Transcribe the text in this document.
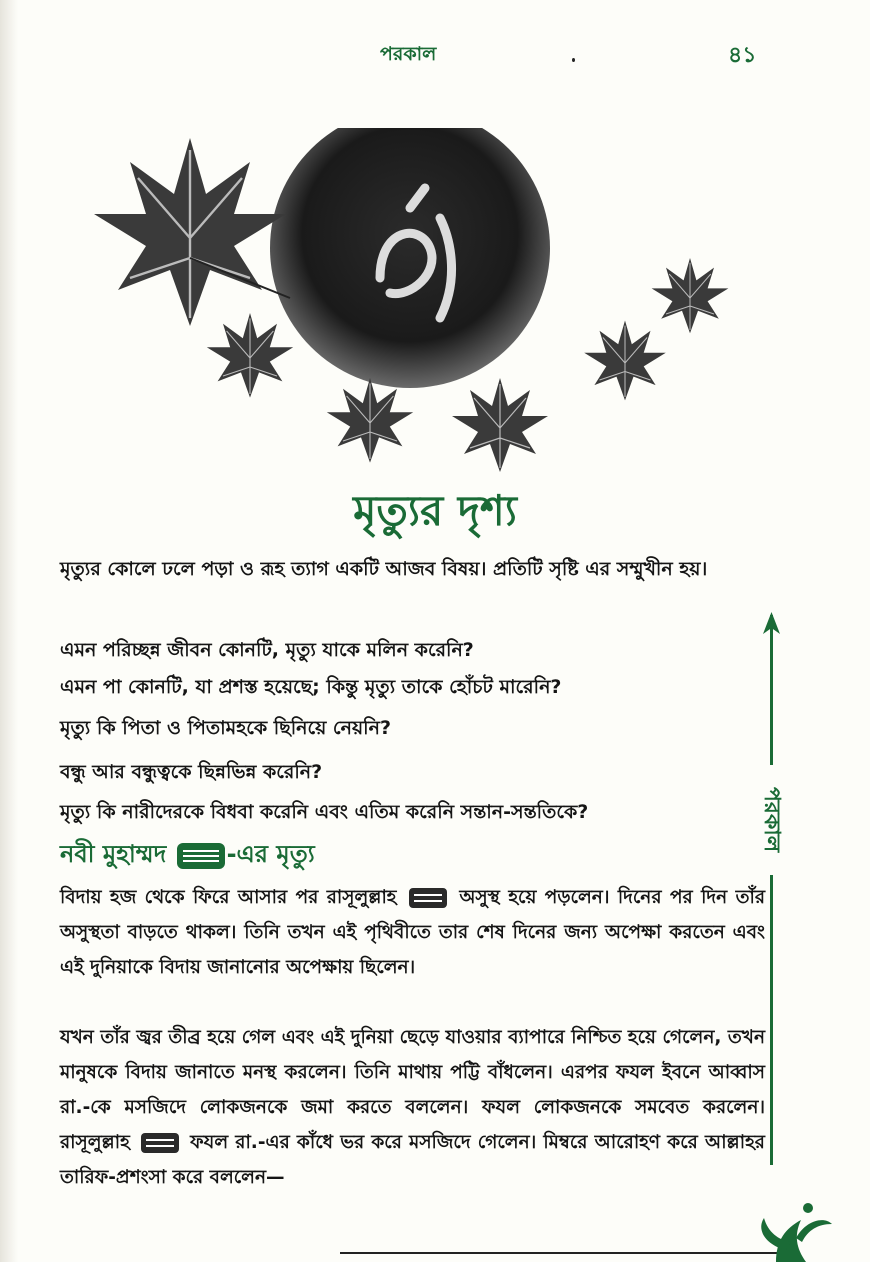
পরকাল	৪১
মৃত্যুর দৃশ্য
মৃত্যুর কোলে ঢলে পড়া ও রূহ ত্যাগ একটি আজব বিষয়। প্রতিটি সৃষ্টি এর সম্মুখীন হয়।
এমন পরিচ্ছন্ন জীবন কোনটি, মৃত্যু যাকে মলিন করেনি?
এমন পা কোনটি, যা প্রশস্ত হয়েছে; কিন্তু মৃত্যু তাকে হোঁচট মারেনি?
মৃত্যু কি পিতা ও পিতামহকে ছিনিয়ে নেয়নি?
বন্ধু আর বন্ধুত্বকে ছিন্নভিন্ন করেনি?
মৃত্যু কি নারীদেরকে বিধবা করেনি এবং এতিম করেনি সন্তান-সন্ততিকে?
নবী মুহাম্মদ	-এর মৃত্যু
বিদায় হজ থেকে ফিরে আসার পর রাসূলুল্লাহ	অসুস্থ হয়ে পড়লেন। দিনের পর দিন তাঁর অসুস্থতা বাড়তে থাকল। তিনি তখন এই পৃথিবীতে তার শেষ দিনের জন্য অপেক্ষা করতেন এবং এই দুনিয়াকে বিদায় জানানোর অপেক্ষায় ছিলেন।
যখন তাঁর জ্বর তীব্র হয়ে গেল এবং এই দুনিয়া ছেড়ে যাওয়ার ব্যাপারে নিশ্চিত হয়ে গেলেন, তখন মানুষকে বিদায় জানাতে মনস্থ করলেন। তিনি মাথায় পট্টি বাঁধলেন। এরপর ফযল ইবনে আব্বাস রা.-কে মসজিদে লোকজনকে জমা করতে বললেন। ফযল লোকজনকে সমবেত করলেন। রাসূলুল্লাহ	ফযল রা.-এর কাঁধে ভর করে মসজিদে গেলেন। মিম্বরে আরোহণ করে আল্লাহর তারিফ-প্রশংসা করে বললেন—
পরকাল
